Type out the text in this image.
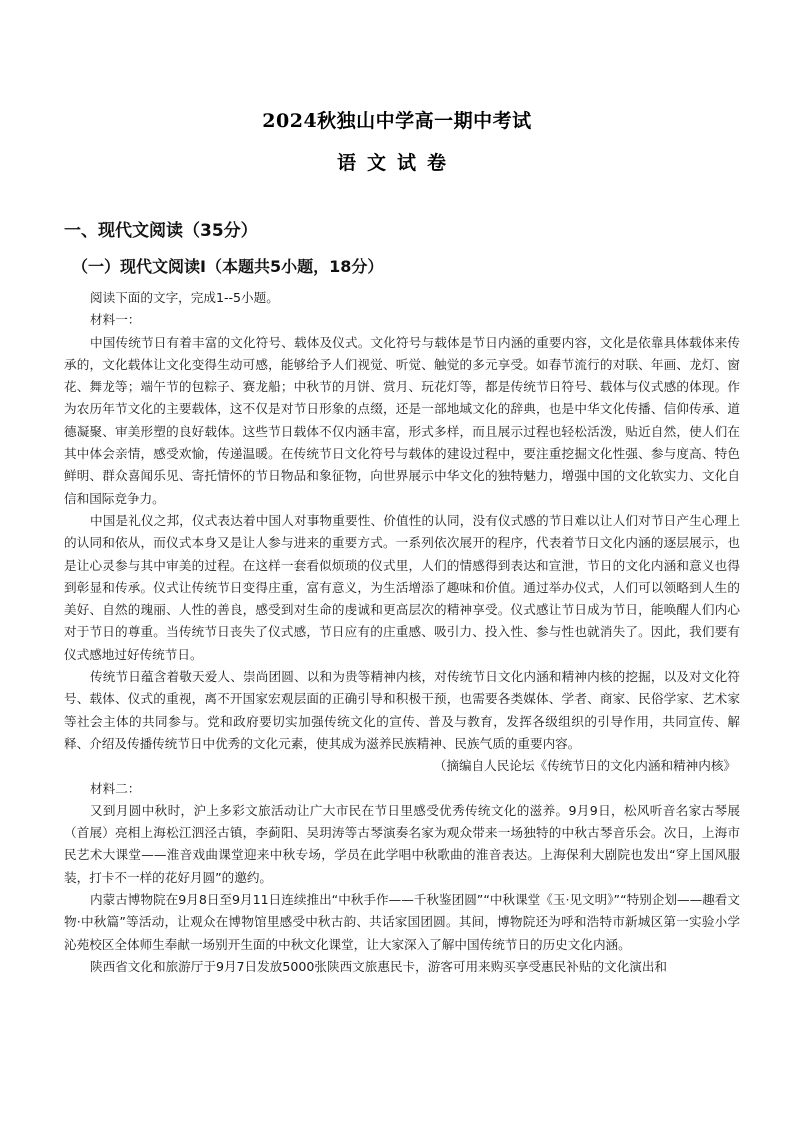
2024秋独山中学高一期中考试
语文试卷
一、现代文阅读（35分）
（一）现代文阅读Ⅰ（本题共5小题，18分）

阅读下面的文字，完成1--5小题。

材料一：

中国传统节日有着丰富的文化符号、载体及仪式。文化符号与载体是节日内涵的重要内容，文化是依靠具体载体来传承的，文化载体让文化变得生动可感，能够给予人们视觉、听觉、触觉的多元享受。如春节流行的对联、年画、龙灯、窗花、舞龙等；端午节的包粽子、赛龙船；中秋节的月饼、赏月、玩花灯等，都是传统节日符号、载体与仪式感的体现。作为农历年节文化的主要载体，这不仅是对节日形象的点缀，还是一部地域文化的辞典，也是中华文化传播、信仰传承、道德凝聚、审美形塑的良好载体。这些节日载体不仅内涵丰富，形式多样，而且展示过程也轻松活泼，贴近自然，使人们在其中体会亲情，感受欢愉，传递温暖。在传统节日文化符号与载体的建设过程中，要注重挖掘文化性强、参与度高、特色鲜明、群众喜闻乐见、寄托情怀的节日物品和象征物，向世界展示中华文化的独特魅力，增强中国的文化软实力、文化自信和国际竞争力。

中国是礼仪之邦，仪式表达着中国人对事物重要性、价值性的认同，没有仪式感的节日难以让人们对节日产生心理上的认同和依从，而仪式本身又是让人参与进来的重要方式。一系列依次展开的程序，代表着节日文化内涵的逐层展示，也是让心灵参与其中审美的过程。在这样一套看似烦琐的仪式里，人们的情感得到表达和宣泄，节日的文化内涵和意义也得到彰显和传承。仪式让传统节日变得庄重，富有意义，为生活增添了趣味和价值。通过举办仪式，人们可以领略到人生的美好、自然的瑰丽、人性的善良，感受到对生命的虔诚和更高层次的精神享受。仪式感让节日成为节日，能唤醒人们内心对于节日的尊重。当传统节日丧失了仪式感，节日应有的庄重感、吸引力、投入性、参与性也就消失了。因此，我们要有仪式感地过好传统节日。

传统节日蕴含着敬天爱人、崇尚团圆、以和为贵等精神内核，对传统节日文化内涵和精神内核的挖掘，以及对文化符号、载体、仪式的重视，离不开国家宏观层面的正确引导和积极干预，也需要各类媒体、学者、商家、民俗学家、艺术家等社会主体的共同参与。党和政府要切实加强传统文化的宣传、普及与教育，发挥各级组织的引导作用，共同宣传、解释、介绍及传播传统节日中优秀的文化元素，使其成为滋养民族精神、民族气质的重要内容。

（摘编自人民论坛《传统节日的文化内涵和精神内核》

材料二：

又到月圆中秋时，沪上多彩文旅活动让广大市民在节日里感受优秀传统文化的滋养。9月9日，松风听音名家古琴展（首展）亮相上海松江泗泾古镇，李蓟阳、吴玥涛等古琴演奏名家为观众带来一场独特的中秋古琴音乐会。次日，上海市民艺术大课堂——淮音戏曲课堂迎来中秋专场，学员在此学唱中秋歌曲的淮音表达。上海保利大剧院也发出“穿上国风服装，打卡不一样的花好月圆”的邀约。

内蒙古博物院在9月8日至9月11日连续推出“中秋手作——千秋鉴团圆”“中秋课堂《玉·见文明》”“特别企划——趣看文物·中秋篇”等活动，让观众在博物馆里感受中秋古韵、共话家国团圆。其间，博物院还为呼和浩特市新城区第一实验小学沁苑校区全体师生奉献一场别开生面的中秋文化课堂，让大家深入了解中国传统节日的历史文化内涵。

陕西省文化和旅游厅于9月7日发放5000张陕西文旅惠民卡，游客可用来购买享受惠民补贴的文化演出和
